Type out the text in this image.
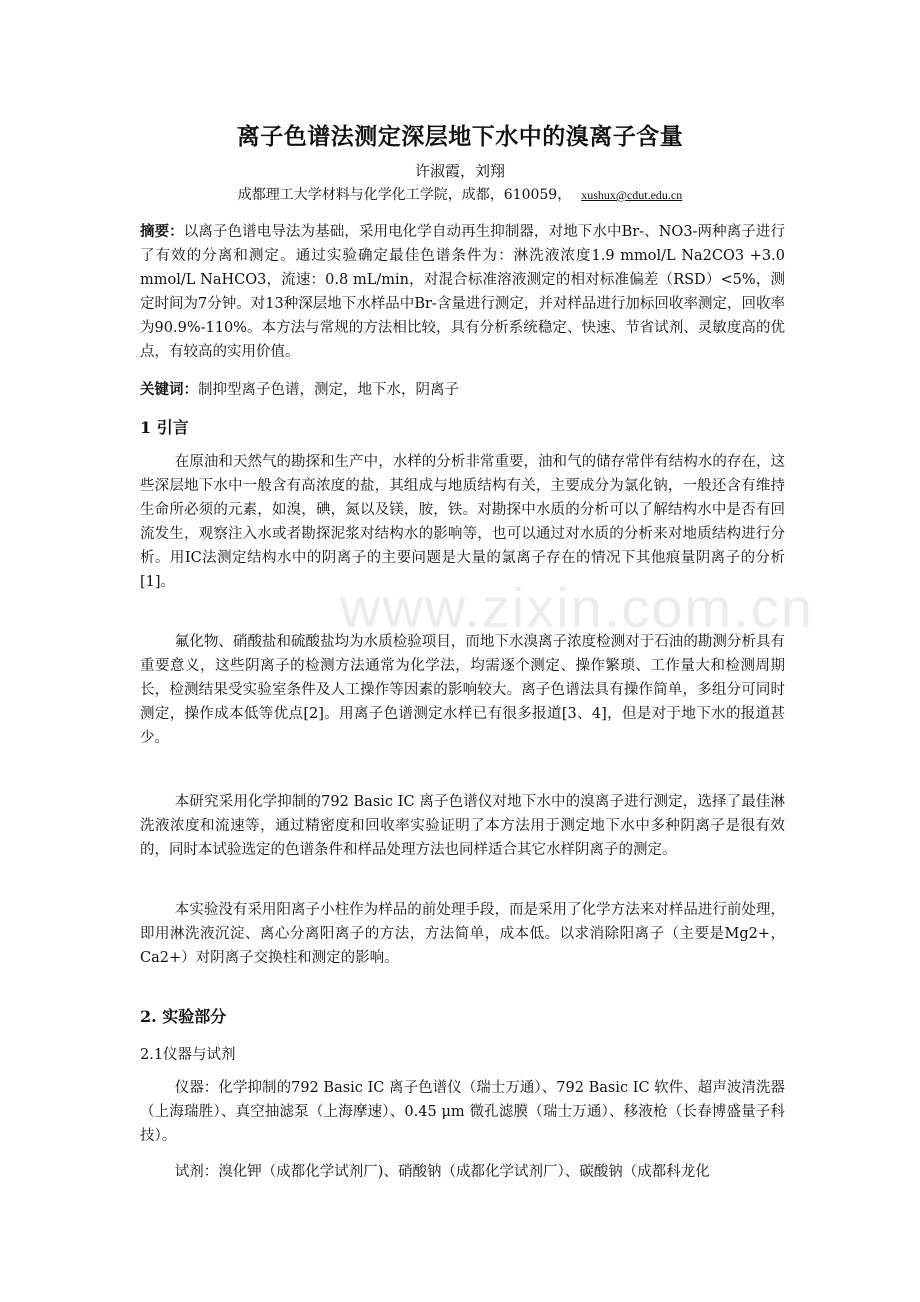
www.zixin.com.cn
离子色谱法测定深层地下水中的溴离子含量
许淑霞，刘翔
成都理工大学材料与化学化工学院，成都，610059， xushux@cdut.edu.cn
摘要：以离子色谱电导法为基础，采用电化学自动再生抑制器，对地下水中Br-、NO3-两种离子进行了有效的分离和测定。通过实验确定最佳色谱条件为：淋洗液浓度1.9 mmol/L Na2CO3 +3.0 mmol/L NaHCO3，流速：0.8 mL/min，对混合标准溶液测定的相对标准偏差（RSD）<5%，测定时间为7分钟。对13种深层地下水样品中Br-含量进行测定，并对样品进行加标回收率测定，回收率为90.9%-110%。本方法与常规的方法相比较，具有分析系统稳定、快速、节省试剂、灵敏度高的优点，有较高的实用价值。
关键词：制抑型离子色谱，测定，地下水，阴离子
1 引言
在原油和天然气的勘探和生产中，水样的分析非常重要，油和气的储存常伴有结构水的存在，这些深层地下水中一般含有高浓度的盐，其组成与地质结构有关，主要成分为氯化钠，一般还含有维持生命所必须的元素，如溴，碘，氮以及镁，胺，铁。对勘探中水质的分析可以了解结构水中是否有回流发生，观察注入水或者勘探泥浆对结构水的影响等，也可以通过对水质的分析来对地质结构进行分析。用IC法测定结构水中的阴离子的主要问题是大量的氯离子存在的情况下其他痕量阴离子的分析[1]。
氟化物、硝酸盐和硫酸盐均为水质检验项目，而地下水溴离子浓度检测对于石油的勘测分析具有重要意义，这些阴离子的检测方法通常为化学法，均需逐个测定、操作繁琐、工作量大和检测周期长，检测结果受实验室条件及人工操作等因素的影响较大。离子色谱法具有操作简单，多组分可同时测定，操作成本低等优点[2]。用离子色谱测定水样已有很多报道[3、4]，但是对于地下水的报道甚少。
本研究采用化学抑制的792 Basic IC 离子色谱仪对地下水中的溴离子进行测定，选择了最佳淋洗液浓度和流速等，通过精密度和回收率实验证明了本方法用于测定地下水中多种阴离子是很有效的，同时本试验选定的色谱条件和样品处理方法也同样适合其它水样阴离子的测定。
本实验没有采用阳离子小柱作为样品的前处理手段，而是采用了化学方法来对样品进行前处理，即用淋洗液沉淀、离心分离阳离子的方法，方法简单，成本低。以求消除阳离子（主要是Mg2+， Ca2+）对阴离子交换柱和测定的影响。
2. 实验部分
2.1仪器与试剂
仪器：化学抑制的792 Basic IC 离子色谱仪（瑞士万通）、792 Basic IC 软件、超声波清洗器（上海瑞胜）、真空抽滤泵（上海摩速）、0.45 μm 微孔滤膜（瑞士万通）、移液枪（长春博盛量子科技）。
试剂：溴化钾（成都化学试剂厂)、硝酸钠（成都化学试剂厂）、碳酸钠（成都科龙化
